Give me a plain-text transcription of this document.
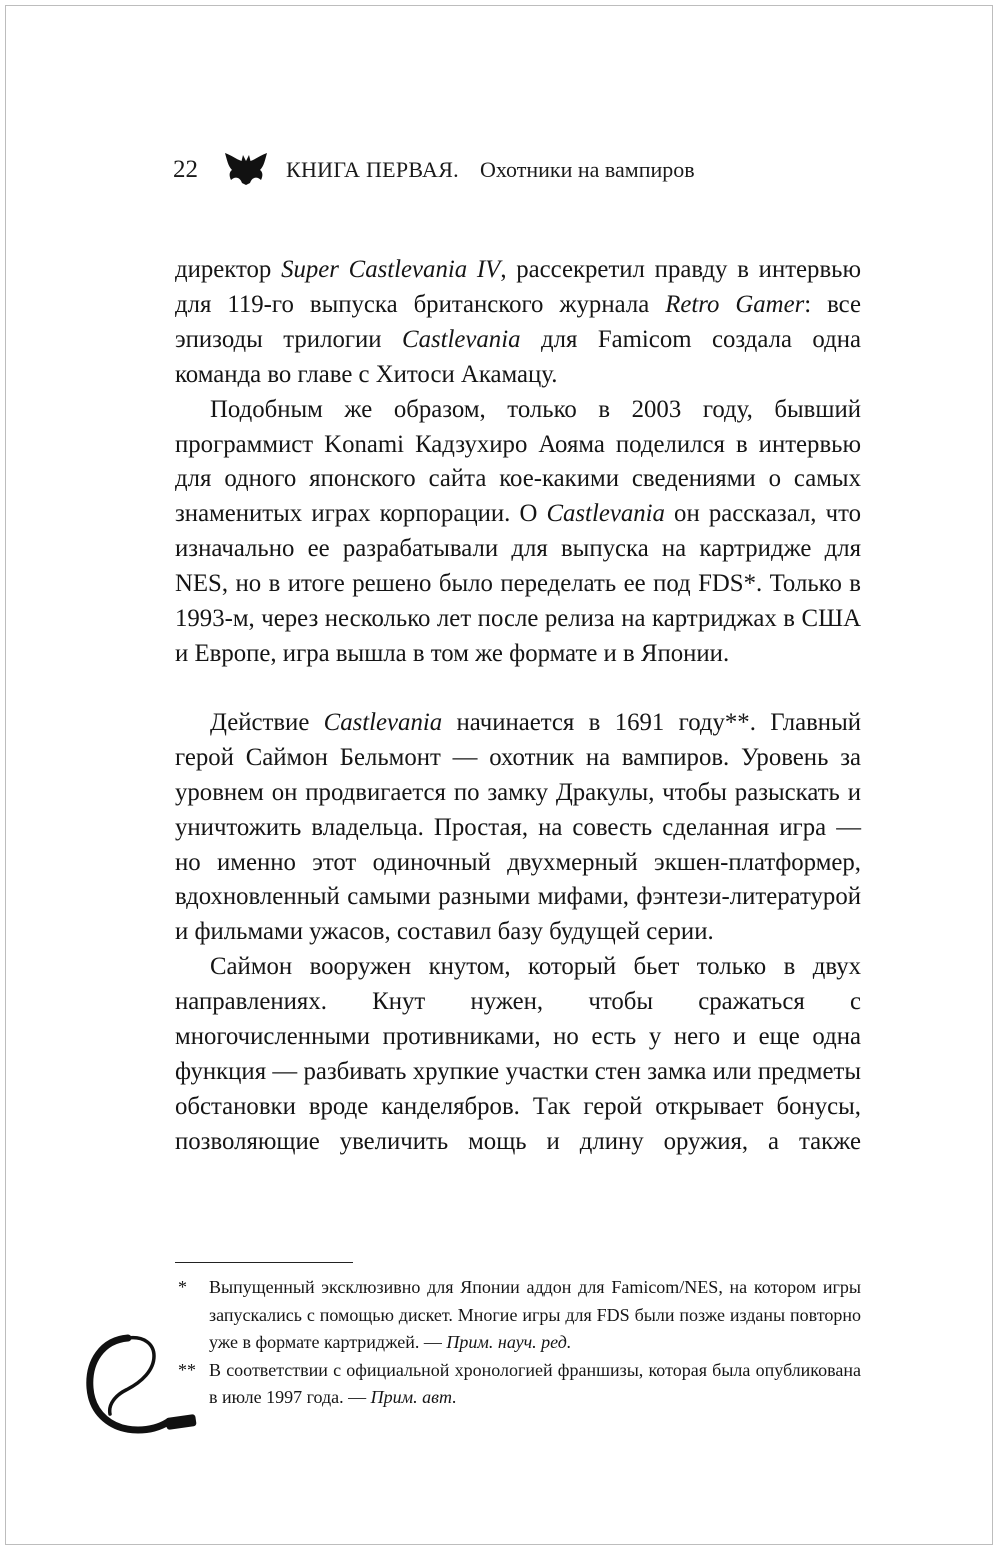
22	КНИГА ПЕРВАЯ. Охотники на вампиров

директор Super Castlevania IV, рассекретил правду в интервью для 119-го выпуска британского журнала Retro Gamer: все эпизоды трилогии Castlevania для Famicom создала одна команда во главе с Хитоси Акамацу.

Подобным же образом, только в 2003 году, бывший программист Konami Кадзухиро Аояма поделился в интервью для одного японского сайта кое-какими сведениями о самых знаменитых играх корпорации. О Castlevania он рассказал, что изначально ее разрабатывали для выпуска на картридже для NES, но в итоге решено было переделать ее под FDS*. Только в 1993-м, через несколько лет после релиза на картриджах в США и Европе, игра вышла в том же формате и в Японии.

Действие Castlevania начинается в 1691 году**. Главный герой Саймон Бельмонт — охотник на вампиров. Уровень за уровнем он продвигается по замку Дракулы, чтобы разыскать и уничтожить владельца. Простая, на совесть сделанная игра — но именно этот одиночный двухмерный экшен-платформер, вдохновленный самыми разными мифами, фэнтези-литературой и фильмами ужасов, составил базу будущей серии.

Саймон вооружен кнутом, который бьет только в двух направлениях. Кнут нужен, чтобы сражаться с многочисленными противниками, но есть у него и еще одна функция — разбивать хрупкие участки стен замка или предметы обстановки вроде канделябров. Так герой открывает бонусы, позволяющие увеличить мощь и длину оружия, а также

* Выпущенный эксклюзивно для Японии аддон для Famicom/NES, на котором игры запускались с помощью дискет. Многие игры для FDS были позже изданы повторно уже в формате картриджей. — Прим. науч. ред.
** В соответствии с официальной хронологией франшизы, которая была опубликована в июле 1997 года. — Прим. авт.
